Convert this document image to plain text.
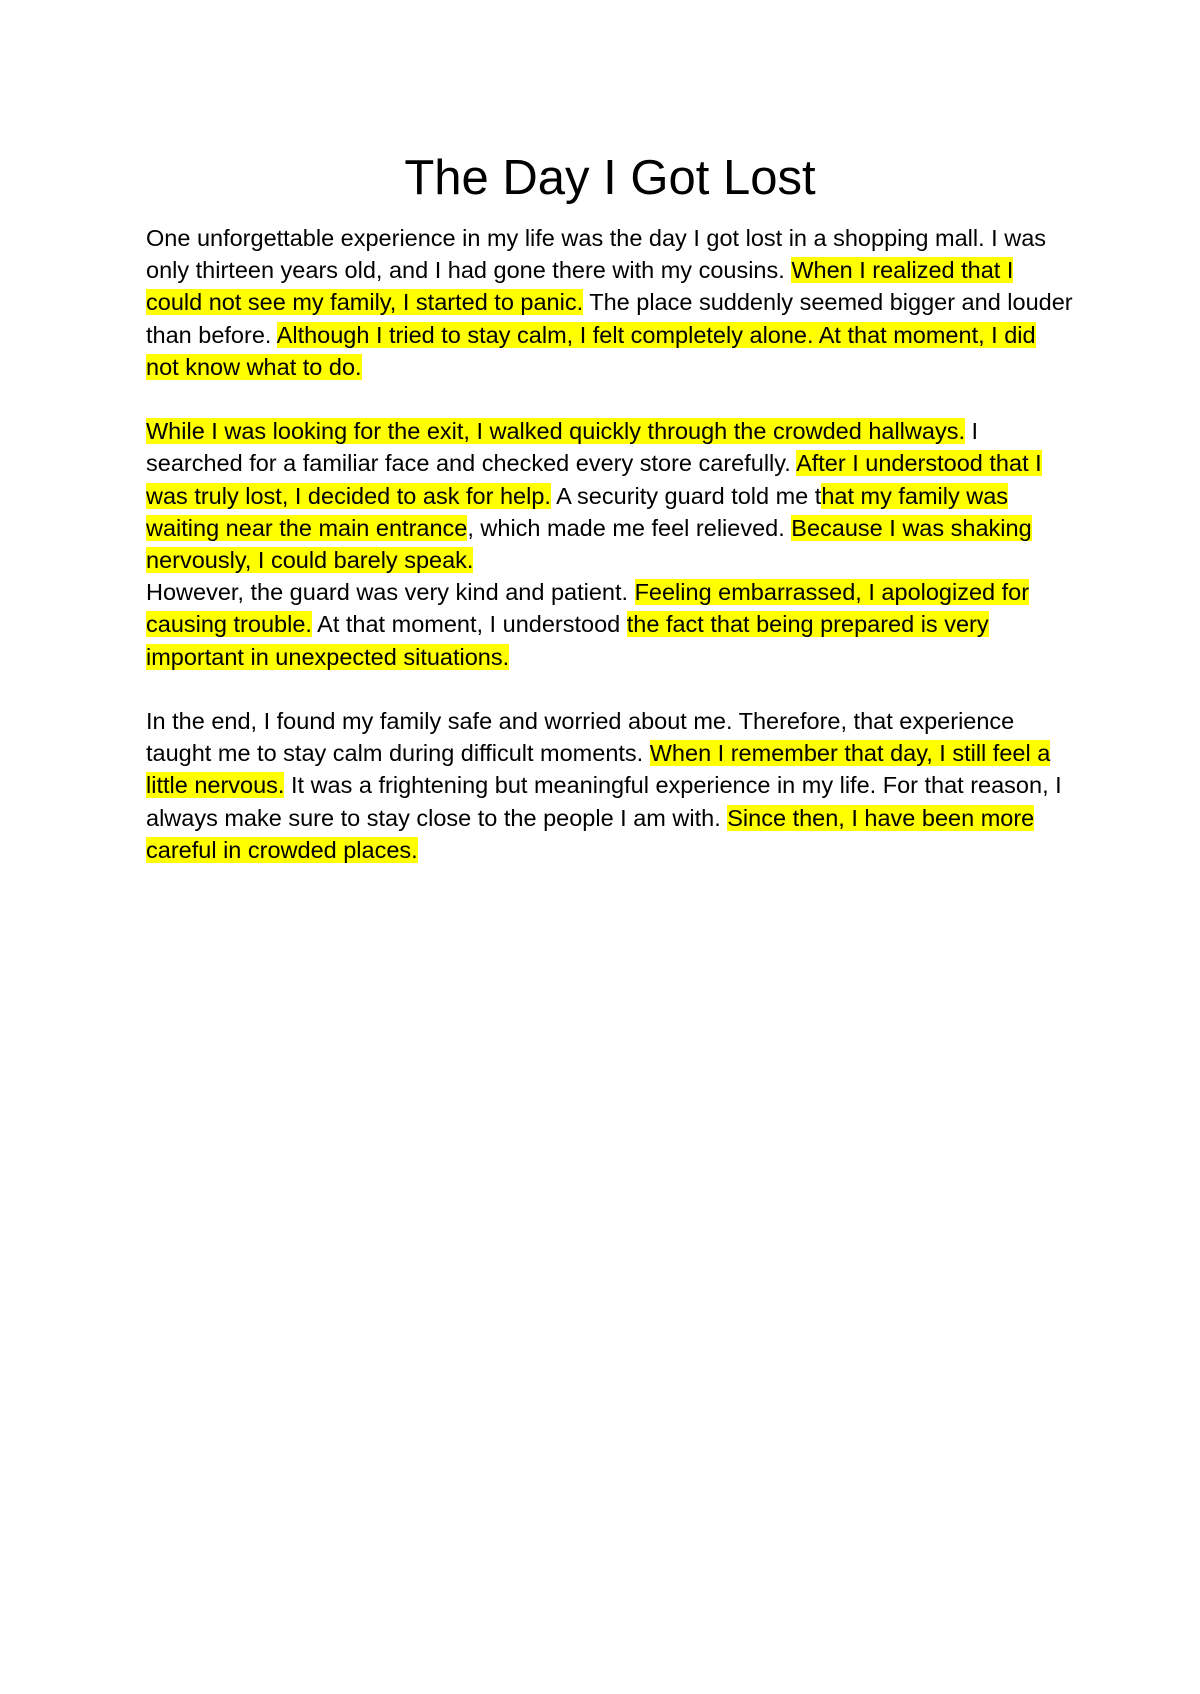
The Day I Got Lost

One unforgettable experience in my life was the day I got lost in a shopping mall. I was only thirteen years old, and I had gone there with my cousins. When I realized that I could not see my family, I started to panic. The place suddenly seemed bigger and louder than before. Although I tried to stay calm, I felt completely alone. At that moment, I did not know what to do.

While I was looking for the exit, I walked quickly through the crowded hallways. I searched for a familiar face and checked every store carefully. After I understood that I was truly lost, I decided to ask for help. A security guard told me that my family was waiting near the main entrance, which made me feel relieved. Because I was shaking nervously, I could barely speak.

However, the guard was very kind and patient. Feeling embarrassed, I apologized for causing trouble. At that moment, I understood the fact that being prepared is very important in unexpected situations.

In the end, I found my family safe and worried about me. Therefore, that experience taught me to stay calm during difficult moments. When I remember that day, I still feel a little nervous. It was a frightening but meaningful experience in my life. For that reason, I always make sure to stay close to the people I am with. Since then, I have been more careful in crowded places.
